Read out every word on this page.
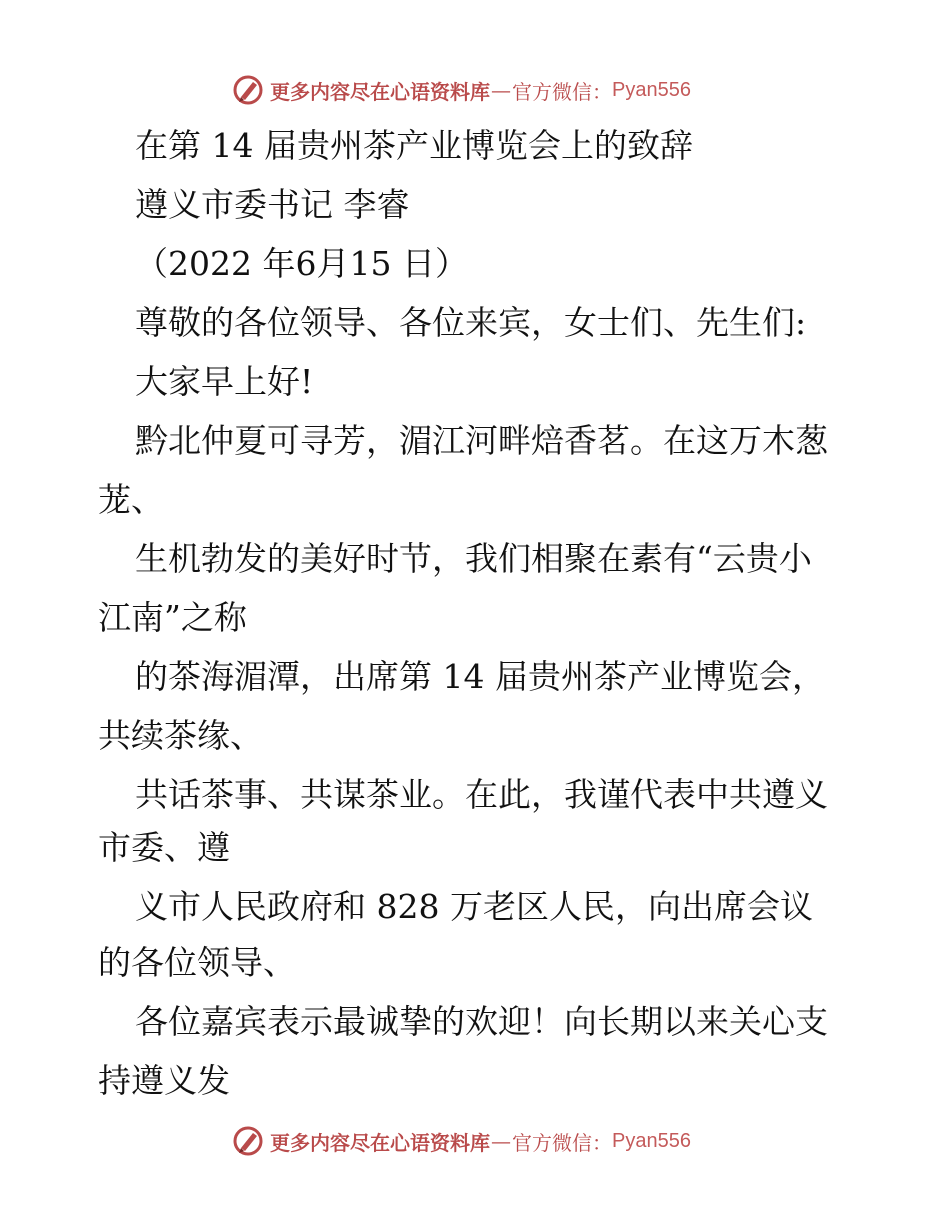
更多内容尽在心语资料库 — 官方微信： Pyan556
在第 14 届贵州茶产业博览会上的致辞
遵义市委书记 李睿
（2022 年6月15 日）
尊敬的各位领导、各位来宾，女士们、先生们:
大家早上好!
黔北仲夏可寻芳，湄江河畔焙香茗。在这万木葱
茏、
生机勃发的美好时节，我们相聚在素有“云贵小
江南”之称
的茶海湄潭，出席第 14 届贵州茶产业博览会，
共续茶缘、
共话茶事、共谋茶业。在此，我谨代表中共遵义
市委、遵
义市人民政府和 828 万老区人民，向出席会议
的各位领导、
各位嘉宾表示最诚挚的欢迎！向长期以来关心支
持遵义发
更多内容尽在心语资料库 — 官方微信： Pyan556
